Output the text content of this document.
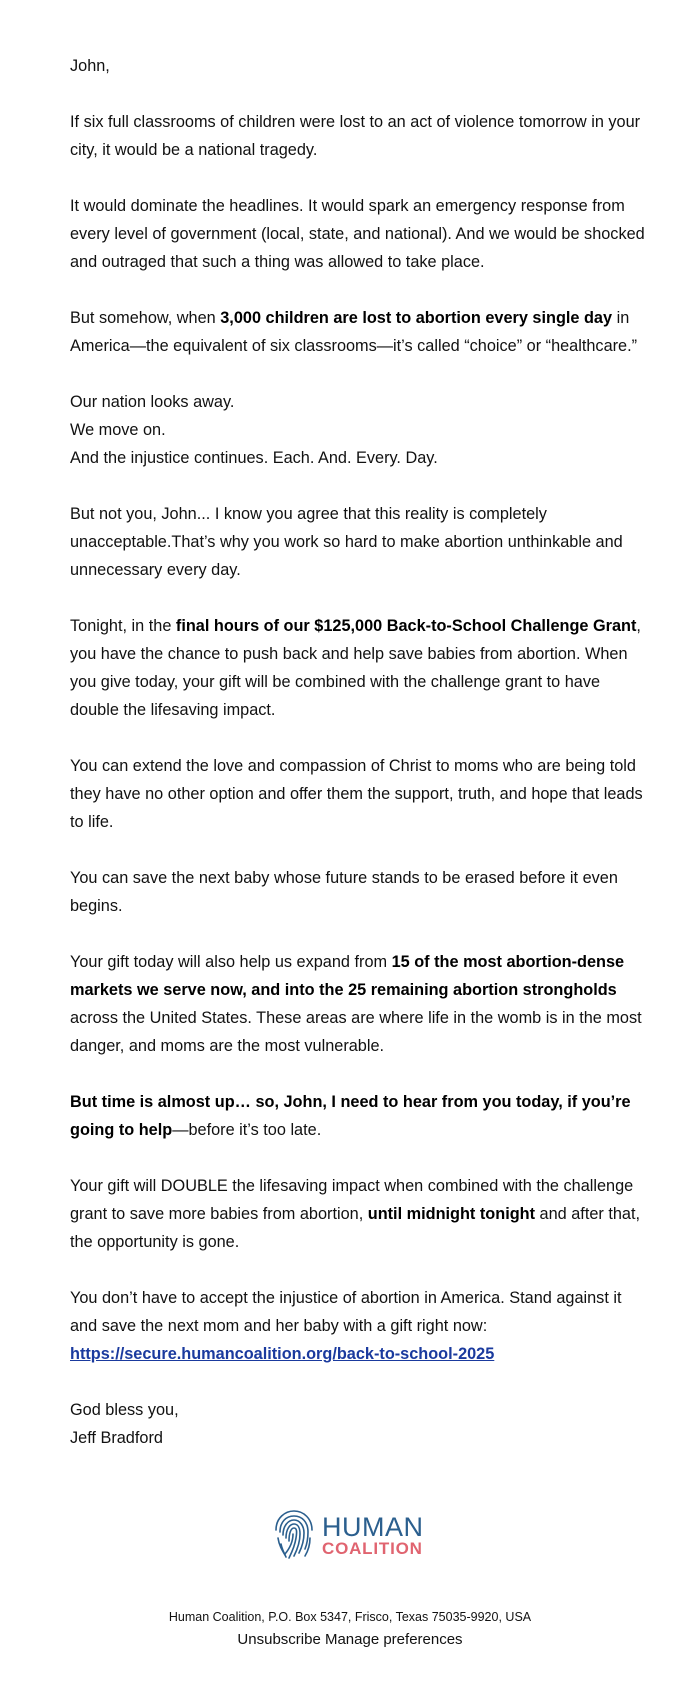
John,

If six full classrooms of children were lost to an act of violence tomorrow in your city, it would be a national tragedy.

It would dominate the headlines. It would spark an emergency response from every level of government (local, state, and national). And we would be shocked and outraged that such a thing was allowed to take place.

But somehow, when 3,000 children are lost to abortion every single day in America—the equivalent of six classrooms—it’s called “choice” or “healthcare.”

Our nation looks away.

We move on.

And the injustice continues. Each. And. Every. Day.

But not you, John... I know you agree that this reality is completely unacceptable.That’s why you work so hard to make abortion unthinkable and unnecessary every day.

Tonight, in the final hours of our $125,000 Back-to-School Challenge Grant, you have the chance to push back and help save babies from abortion. When you give today, your gift will be combined with the challenge grant to have double the lifesaving impact.

You can extend the love and compassion of Christ to moms who are being told they have no other option and offer them the support, truth, and hope that leads to life.

You can save the next baby whose future stands to be erased before it even begins.

Your gift today will also help us expand from 15 of the most abortion-dense markets we serve now, and into the 25 remaining abortion strongholds across the United States. These areas are where life in the womb is in the most danger, and moms are the most vulnerable.

But time is almost up… so, John, I need to hear from you today, if you’re going to help—before it’s too late.

Your gift will DOUBLE the lifesaving impact when combined with the challenge grant to save more babies from abortion, until midnight tonight and after that, the opportunity is gone.

You don’t have to accept the injustice of abortion in America. Stand against it and save the next mom and her baby with a gift right now:
https://secure.humancoalition.org/back-to-school-2025

God bless you,

Jeff Bradford

HUMAN
COALITION
Human Coalition, P.O. Box 5347, Frisco, Texas 75035-9920, USA
Unsubscribe Manage preferences
